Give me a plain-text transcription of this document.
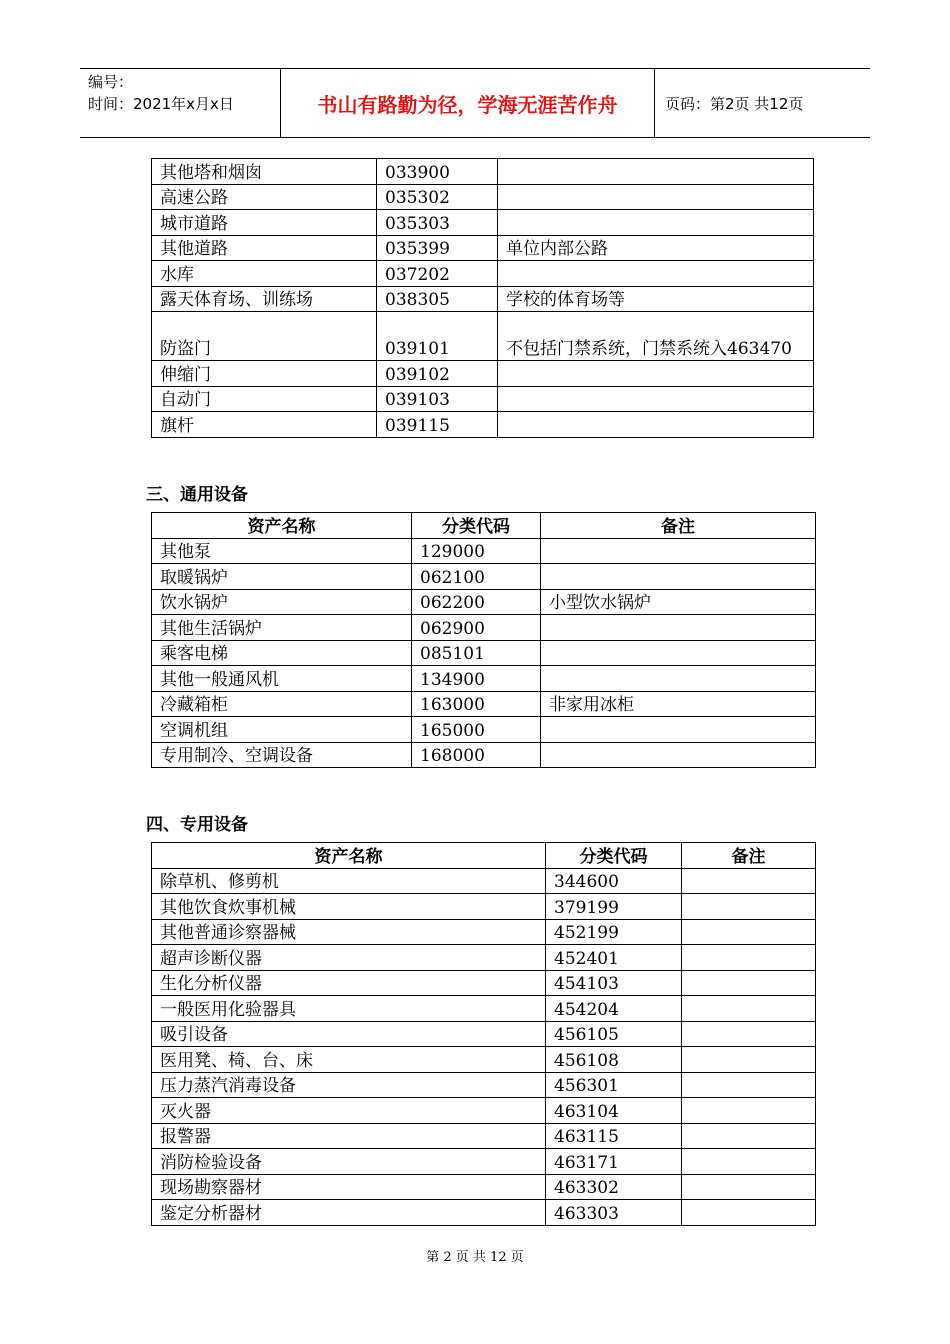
编号：
时间：2021年x月x日	书山有路勤为径，学海无涯苦作舟	页码：第2页 共12页
其他塔和烟囱	033900	
高速公路	035302	
城市道路	035303	
其他道路	035399	单位内部公路
水库	037202	
露天体育场、训练场	038305	学校的体育场等
防盗门	039101	不包括门禁系统，门禁系统入463470
伸缩门	039102	
自动门	039103	
旗杆	039115	
三、通用设备
资产名称	分类代码	备注
其他泵	129000	
取暖锅炉	062100	
饮水锅炉	062200	小型饮水锅炉
其他生活锅炉	062900	
乘客电梯	085101	
其他一般通风机	134900	
冷藏箱柜	163000	非家用冰柜
空调机组	165000	
专用制冷、空调设备	168000	
四、专用设备
资产名称	分类代码	备注
除草机、修剪机	344600	
其他饮食炊事机械	379199	
其他普通诊察器械	452199	
超声诊断仪器	452401	
生化分析仪器	454103	
一般医用化验器具	454204	
吸引设备	456105	
医用凳、椅、台、床	456108	
压力蒸汽消毒设备	456301	
灭火器	463104	
报警器	463115	
消防检验设备	463171	
现场勘察器材	463302	
鉴定分析器材	463303	
第 2 页 共 12 页
